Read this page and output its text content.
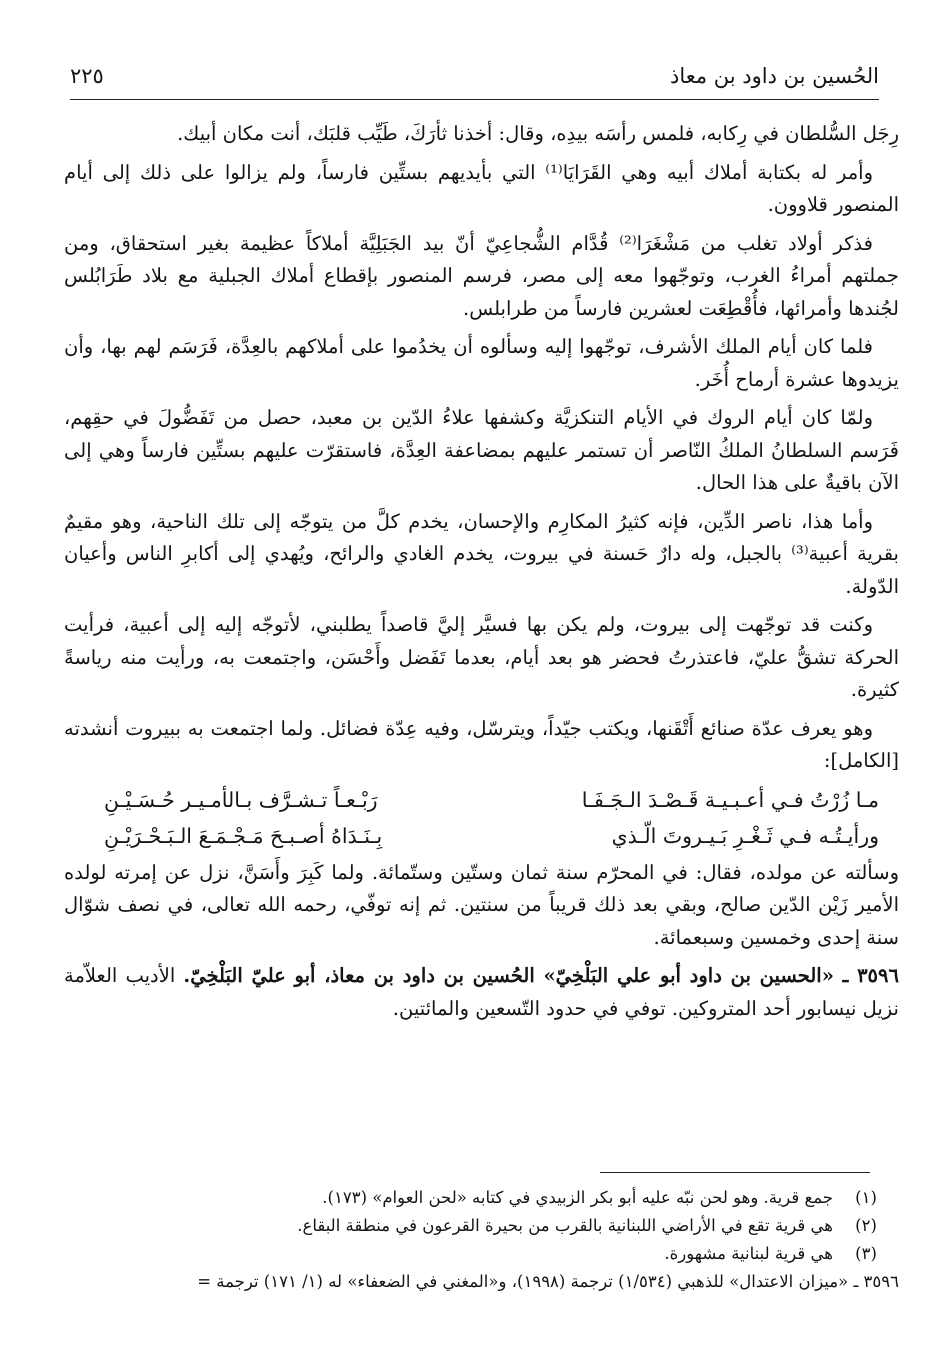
الحُسين بن داود بن معاذ
٢٢٥

رِجَل السُّلطان في رِكابه، فلمس رأسَه بيدِه، وقال: أخذنا ثأرَكَ، طَيِّب قلبَك، أنت مكان أبيك.

وأمر له بكتابة أملاك أبيه وهي القَرَايَا⁽¹⁾ التي بأيديهم بستِّين فارساً، ولم يزالوا على ذلك إلى أيام المنصور قلاوون.

فذكر أولاد تغلب من مَشْغَرَا⁽²⁾ قُدَّام الشُّجاعِيّ أنّ بيد الجَبَلِيَّة أملاكاً عظيمة بغير استحقاق، ومن جملتهم أمراءُ الغرب، وتوجّهوا معه إلى مصر، فرسم المنصور بإقطاع أملاك الجبلية مع بلاد طَرَابُلس لجُندها وأمرائها، فأُقْطِعَت لعشرين فارساً من طرابلس.

فلما كان أيام الملك الأشرف، توجّهوا إليه وسألوه أن يخدُموا على أملاكهم بالعِدَّة، فَرَسَم لهم بها، وأن يزيدوها عشرة أرماح أُخَر.

ولمّا كان أيام الروك في الأيام التنكزيَّة وكشفها علاءُ الدّين بن معبد، حصل من تَفَضُّولَ في حقِهم، فَرَسم السلطانُ الملكُ النّاصر أن تستمر عليهم بمضاعفة العِدَّة، فاستقرّت عليهم بستِّين فارساً وهي إلى الآن باقيةٌ على هذا الحال.

وأما هذا، ناصر الدِّين، فإنه كثيرُ المكارِم والإحسان، يخدم كلَّ من يتوجّه إلى تلك الناحية، وهو مقيمٌ بقرية أعبية⁽³⁾ بالجبل، وله دارٌ حَسنة في بيروت، يخدم الغادي والرائح، ويُهدي إلى أكابرِ الناس وأعيان الدّولة.

وكنت قد توجّهت إلى بيروت، ولم يكن بها فسيَّر إليَّ قاصداً يطلبني، لأتوجّه إليه إلى أعبية، فرأيت الحركة تشقُّ عليّ، فاعتذرتُ فحضر هو بعد أيام، بعدما تَفَضل وأَحْسَن، واجتمعت به، ورأيت منه رياسةً كثيرة.

وهو يعرف عدّة صنائع أَتْقَنها، ويكتب جيّداً، ويترسّل، وفيه عِدّة فضائل. ولما اجتمعت به ببيروت أنشدته [الكامل]:

مـا زُرْتُ فـي أعـبـيـة قَـصْـدَ الـجَـفَـا
رَبْـعـاً تـشـرَّف بـالأمـيـر حُـسَـيْـنِ
ورأيـتُـه فـي ثَـغْـرِ بَـيـروتَ الّـذي
بِـنَـدَاهُ أصـبـحَ مَـجْـمَـعَ الـبَـحْـرَيْـنِ

وسألته عن مولده، فقال: في المحرّم سنة ثمان وستّين وستّمائة. ولما كَبِرَ وأَسَنَّ، نزل عن إمرته لولده الأمير زَيْن الدّين صالح، وبقي بعد ذلك قريباً من سنتين. ثم إنه توفّي، رحمه الله تعالى، في نصف شوّال سنة إحدى وخمسين وسبعمائة.

٣٥٩٦ ـ «الحسين بن داود أبو علي البَلْخِيّ» الحُسين بن داود بن معاذ، أبو عليّ البَلْخِيّ. الأديب العلاّمة نزيل نيسابور أحد المتروكين. توفي في حدود التّسعين والمائتين.

(١)
جمع قرية. وهو لحن نبّه عليه أبو بكر الزبيدي في كتابه «لحن العوام» (١٧٣).
(٢)
هي قرية تقع في الأراضي اللبنانية بالقرب من بحيرة القرعون في منطقة البقاع.
(٣)
هي قرية لبنانية مشهورة.
٣٥٩٦ ـ «ميزان الاعتدال» للذهبي (١/٥٣٤) ترجمة (١٩٩٨)، و«المغني في الضعفاء» له (١/ ١٧١) ترجمة =
